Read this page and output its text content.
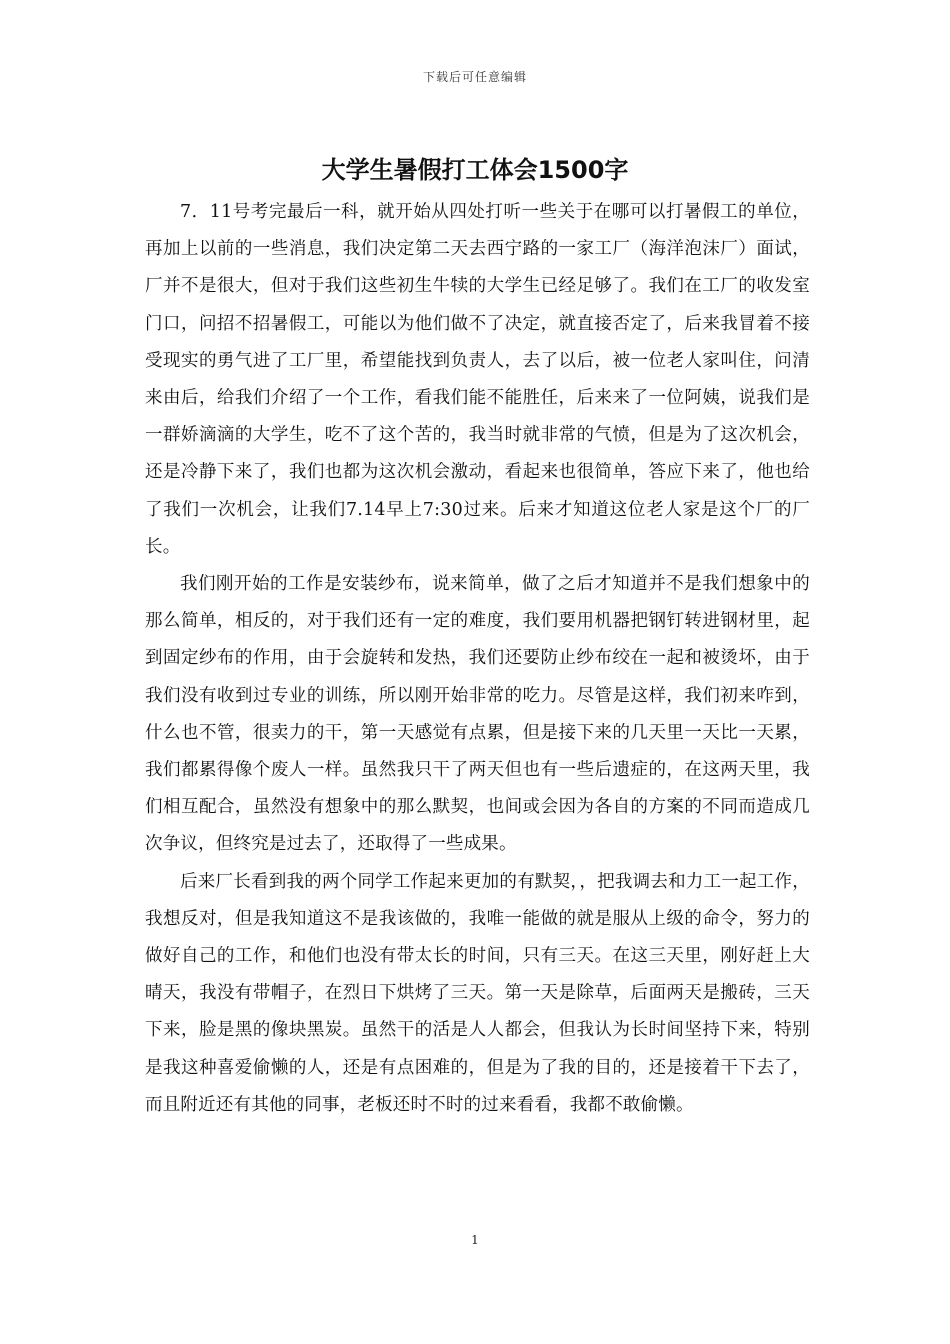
下载后可任意编辑
大学生暑假打工体会1500字

7．11号考完最后一科，就开始从四处打听一些关于在哪可以打暑假工的单位，再加上以前的一些消息，我们决定第二天去西宁路的一家工厂（海洋泡沫厂）面试，厂并不是很大，但对于我们这些初生牛犊的大学生已经足够了。我们在工厂的收发室门口，问招不招暑假工，可能以为他们做不了决定，就直接否定了，后来我冒着不接受现实的勇气进了工厂里，希望能找到负责人，去了以后，被一位老人家叫住，问清来由后，给我们介绍了一个工作，看我们能不能胜任，后来来了一位阿姨，说我们是一群娇滴滴的大学生，吃不了这个苦的，我当时就非常的气愤，但是为了这次机会，还是冷静下来了，我们也都为这次机会激动，看起来也很简单，答应下来了，他也给了我们一次机会，让我们7.14早上7:30过来。后来才知道这位老人家是这个厂的厂长。

我们刚开始的工作是安装纱布，说来简单，做了之后才知道并不是我们想象中的那么简单，相反的，对于我们还有一定的难度，我们要用机器把钢钉转进钢材里，起到固定纱布的作用，由于会旋转和发热，我们还要防止纱布绞在一起和被烫坏，由于我们没有收到过专业的训练，所以刚开始非常的吃力。尽管是这样，我们初来咋到，什么也不管，很卖力的干，第一天感觉有点累，但是接下来的几天里一天比一天累，我们都累得像个废人一样。虽然我只干了两天但也有一些后遗症的，在这两天里，我们相互配合，虽然没有想象中的那么默契，也间或会因为各自的方案的不同而造成几次争议，但终究是过去了，还取得了一些成果。

后来厂长看到我的两个同学工作起来更加的有默契，，把我调去和力工一起工作，我想反对，但是我知道这不是我该做的，我唯一能做的就是服从上级的命令，努力的做好自己的工作，和他们也没有带太长的时间，只有三天。在这三天里，刚好赶上大晴天，我没有带帽子，在烈日下烘烤了三天。第一天是除草，后面两天是搬砖，三天下来，脸是黑的像块黑炭。虽然干的活是人人都会，但我认为长时间坚持下来，特别是我这种喜爱偷懒的人，还是有点困难的，但是为了我的目的，还是接着干下去了，而且附近还有其他的同事，老板还时不时的过来看看，我都不敢偷懒。

1
